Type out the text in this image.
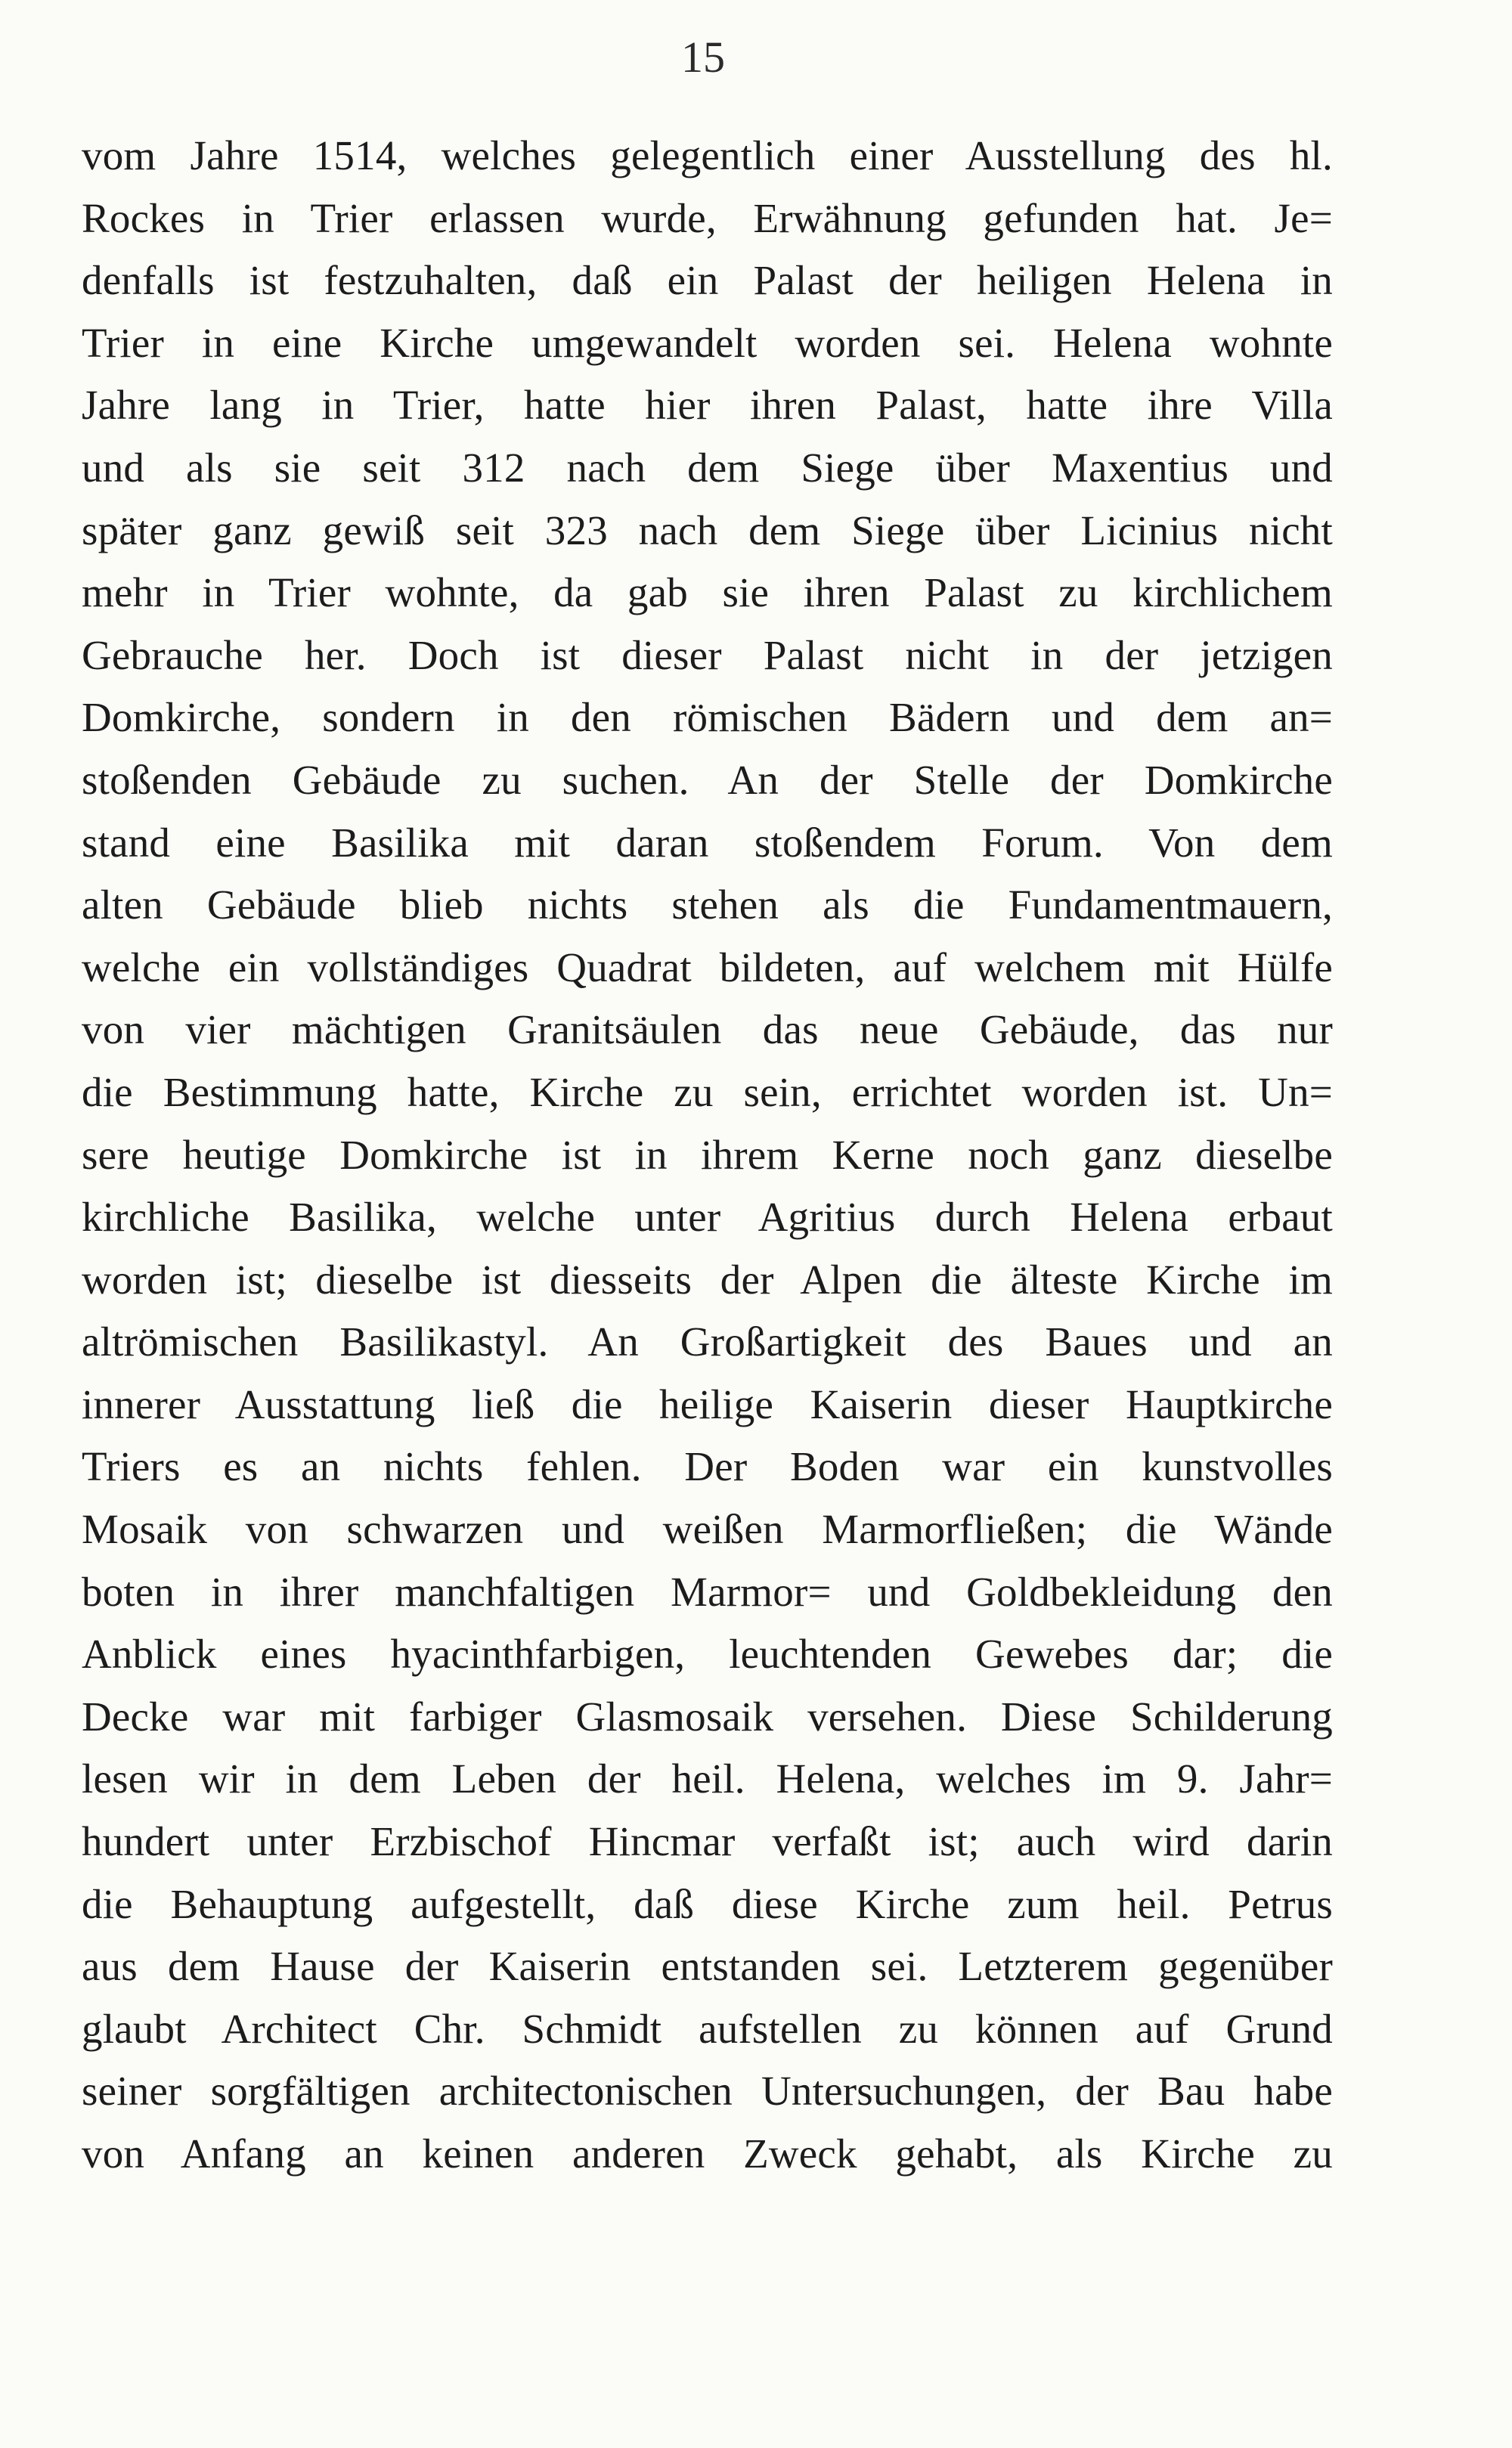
15
vom Jahre 1514, welches gelegentlich einer Ausstellung des hl.
Rockes in Trier erlassen wurde, Erwähnung gefunden hat. Je=
denfalls ist festzuhalten, daß ein Palast der heiligen Helena in
Trier in eine Kirche umgewandelt worden sei. Helena wohnte
Jahre lang in Trier, hatte hier ihren Palast, hatte ihre Villa
und als sie seit 312 nach dem Siege über Maxentius und
später ganz gewiß seit 323 nach dem Siege über Licinius nicht
mehr in Trier wohnte, da gab sie ihren Palast zu kirchlichem
Gebrauche her. Doch ist dieser Palast nicht in der jetzigen
Domkirche, sondern in den römischen Bädern und dem an=
stoßenden Gebäude zu suchen. An der Stelle der Domkirche
stand eine Basilika mit daran stoßendem Forum. Von dem
alten Gebäude blieb nichts stehen als die Fundamentmauern,
welche ein vollständiges Quadrat bildeten, auf welchem mit Hülfe
von vier mächtigen Granitsäulen das neue Gebäude, das nur
die Bestimmung hatte, Kirche zu sein, errichtet worden ist. Un=
sere heutige Domkirche ist in ihrem Kerne noch ganz dieselbe
kirchliche Basilika, welche unter Agritius durch Helena erbaut
worden ist; dieselbe ist diesseits der Alpen die älteste Kirche im
altrömischen Basilikastyl. An Großartigkeit des Baues und an
innerer Ausstattung ließ die heilige Kaiserin dieser Hauptkirche
Triers es an nichts fehlen. Der Boden war ein kunstvolles
Mosaik von schwarzen und weißen Marmorfließen; die Wände
boten in ihrer manchfaltigen Marmor= und Goldbekleidung den
Anblick eines hyacinthfarbigen, leuchtenden Gewebes dar; die
Decke war mit farbiger Glasmosaik versehen. Diese Schilderung
lesen wir in dem Leben der heil. Helena, welches im 9. Jahr=
hundert unter Erzbischof Hincmar verfaßt ist; auch wird darin
die Behauptung aufgestellt, daß diese Kirche zum heil. Petrus
aus dem Hause der Kaiserin entstanden sei. Letzterem gegenüber
glaubt Architect Chr. Schmidt aufstellen zu können auf Grund
seiner sorgfältigen architectonischen Untersuchungen, der Bau habe
von Anfang an keinen anderen Zweck gehabt, als Kirche zu
